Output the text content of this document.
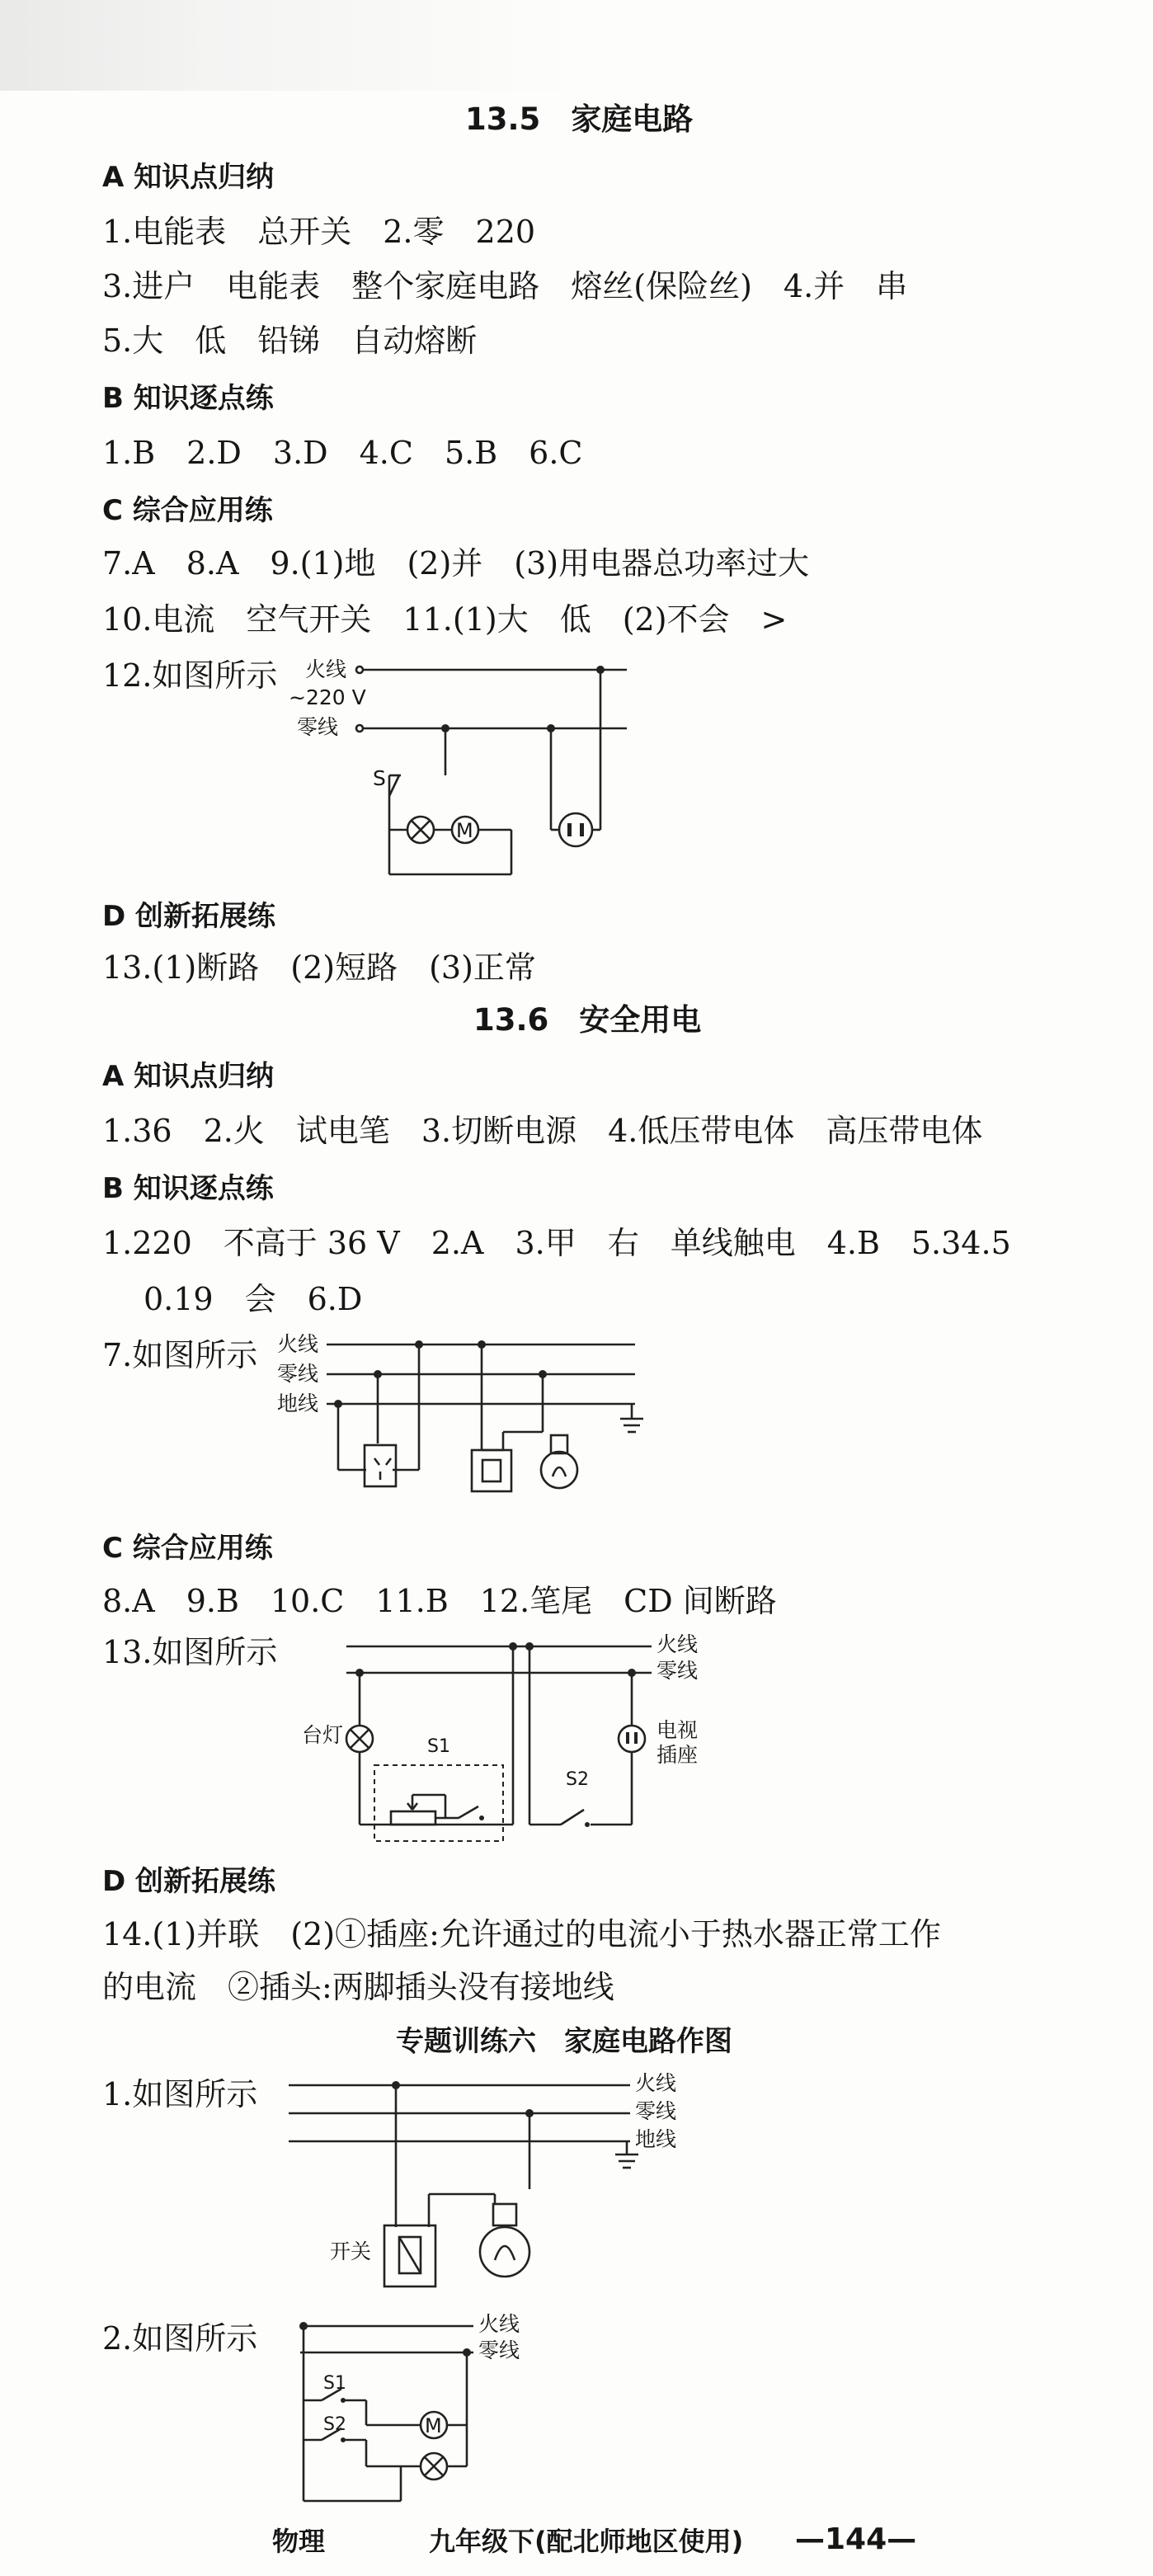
13.5　家庭电路
A 知识点归纳
1.电能表　总开关　2.零　220
3.进户　电能表　整个家庭电路　熔丝(保险丝)　4.并　串
5.大　低　铅锑　自动熔断
B 知识逐点练
1.B　2.D　3.D　4.C　5.B　6.C
C 综合应用练
7.A　8.A　9.(1)地　(2)并　(3)用电器总功率过大
10.电流　空气开关　11.(1)大　低　(2)不会　>
12.如图所示 火线
~220 V
零线
S
M
D 创新拓展练
13.(1)断路　(2)短路　(3)正常
13.6　安全用电
A 知识点归纳
1.36　2.火　试电笔　3.切断电源　4.低压带电体　高压带电体
B 知识逐点练
1.220　不高于 36 V　2.A　3.甲　右　单线触电　4.B　5.34.5
0.19　会　6.D
7.如图所示 火线
零线
地线
C 综合应用练
8.A　9.B　10.C　11.B　12.笔尾　CD 间断路
13.如图所示	火线
零线
台灯	S1
S2
电视
插座
D 创新拓展练
14.(1)并联　(2)①插座:允许通过的电流小于热水器正常工作
的电流　②插头:两脚插头没有接地线
专题训练六　家庭电路作图
1.如图所示	火线
零线
地线
开关
2.如图所示	火线
零线
S1
S2	M
物理	九年级下(配北师地区使用) —144—
